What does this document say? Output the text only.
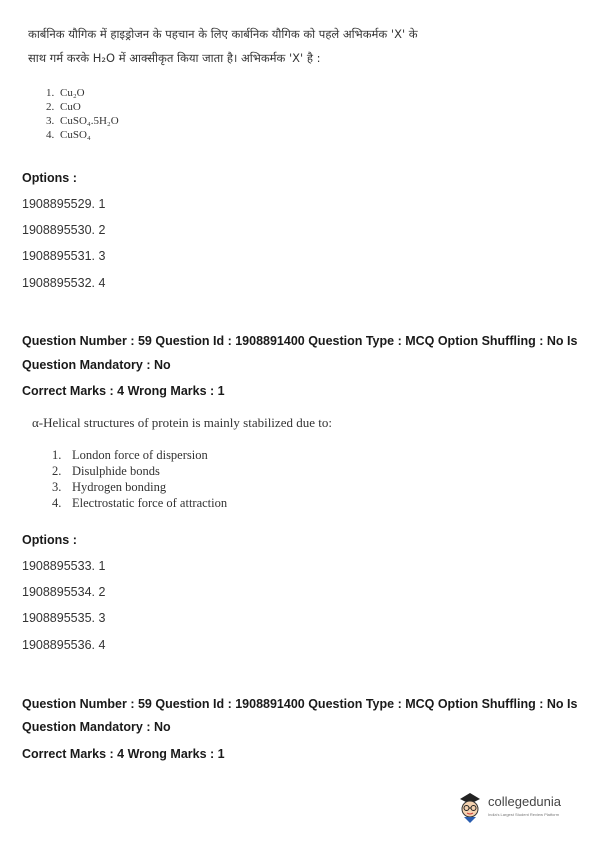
कार्बनिक यौगिक में हाइड्रोजन के पहचान के लिए कार्बनिक यौगिक को पहले अभिकर्मक 'X' के
साथ गर्म करके H₂O में आक्सीकृत किया जाता है। अभिकर्मक 'X' है :
1. Cu₂O
2. CuO
3. CuSO₄.5H₂O
4. CuSO₄
Options :
1908895529. 1
1908895530. 2
1908895531. 3
1908895532. 4
Question Number : 59 Question Id : 1908891400 Question Type : MCQ Option Shuffling : No Is
Question Mandatory : No
Correct Marks : 4 Wrong Marks : 1
α-Helical structures of protein is mainly stabilized due to:
1. London force of dispersion
2. Disulphide bonds
3. Hydrogen bonding
4. Electrostatic force of attraction
Options :
1908895533. 1
1908895534. 2
1908895535. 3
1908895536. 4
Question Number : 59 Question Id : 1908891400 Question Type : MCQ Option Shuffling : No Is
Question Mandatory : No
Correct Marks : 4 Wrong Marks : 1
collegedunia
India's Largest Student Review Platform
